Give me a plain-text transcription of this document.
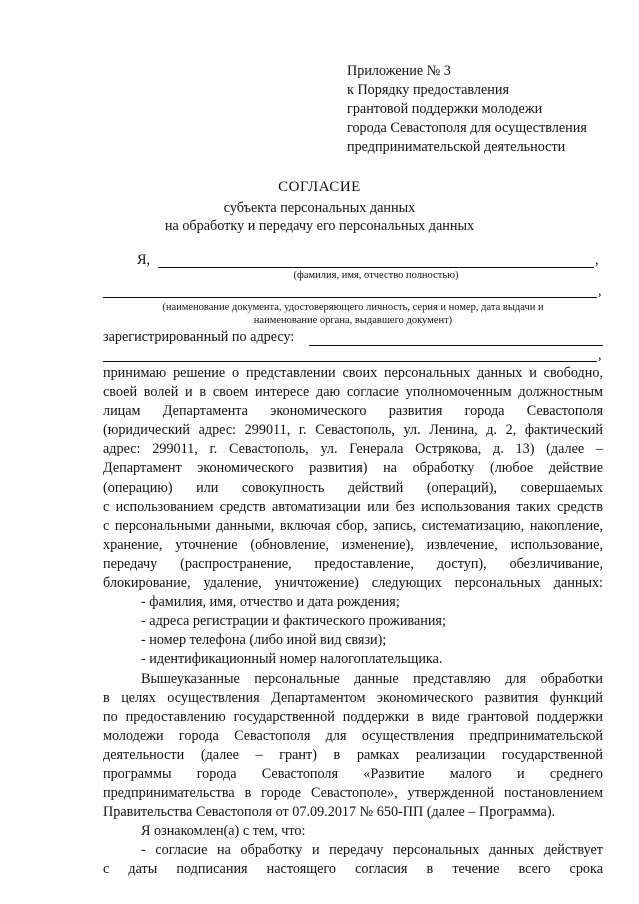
Приложение № 3
к Порядку предоставления
грантовой поддержки молодежи
города Севастополя для осуществления
предпринимательской деятельности
СОГЛАСИЕ
субъекта персональных данных
на обработку и передачу его персональных данных
Я,	,
(фамилия, имя, отчество полностью)
,
(наименование документа, удостоверяющего личность, серия и номер, дата выдачи и
наименование органа, выдавшего документ)
зарегистрированный по адресу:
,
принимаю решение о представлении своих персональных данных и свободно,
своей волей и в своем интересе даю согласие уполномоченным должностным
лицам Департамента экономического развития города Севастополя
(юридический адрес: 299011, г. Севастополь, ул. Ленина, д. 2, фактический
адрес: 299011, г. Севастополь, ул. Генерала Острякова, д. 13) (далее –
Департамент экономического развития) на обработку (любое действие
(операцию) или совокупность действий (операций), совершаемых
с использованием средств автоматизации или без использования таких средств
с персональными данными, включая сбор, запись, систематизацию, накопление,
хранение, уточнение (обновление, изменение), извлечение, использование,
передачу (распространение, предоставление, доступ), обезличивание,
блокирование, удаление, уничтожение) следующих персональных данных:
- фамилия, имя, отчество и дата рождения;
- адреса регистрации и фактического проживания;
- номер телефона (либо иной вид связи);
- идентификационный номер налогоплательщика.
Вышеуказанные персональные данные представляю для обработки
в целях осуществления Департаментом экономического развития функций
по предоставлению государственной поддержки в виде грантовой поддержки
молодежи города Севастополя для осуществления предпринимательской
деятельности (далее – грант) в рамках реализации государственной
программы города Севастополя «Развитие малого и среднего
предпринимательства в городе Севастополе», утвержденной постановлением
Правительства Севастополя от 07.09.2017 № 650-ПП (далее – Программа).
Я ознакомлен(а) с тем, что:
- согласие на обработку и передачу персональных данных действует
с даты подписания настоящего согласия в течение всего срока
